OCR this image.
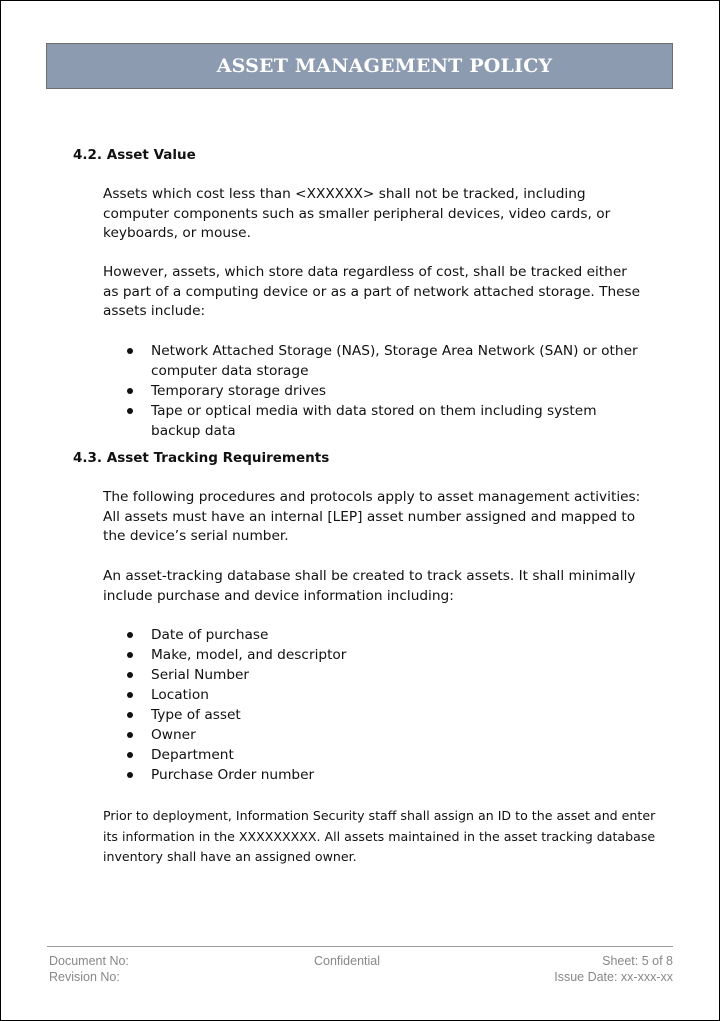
ASSET MANAGEMENT POLICY
4.2. Asset Value
Assets which cost less than <XXXXXX> shall not be tracked, including computer components such as smaller peripheral devices, video cards, or keyboards, or mouse.
However, assets, which store data regardless of cost, shall be tracked either as part of a computing device or as a part of network attached storage. These assets include:
Network Attached Storage (NAS), Storage Area Network (SAN) or other computer data storage
Temporary storage drives
Tape or optical media with data stored on them including system backup data
4.3. Asset Tracking Requirements
The following procedures and protocols apply to asset management activities: All assets must have an internal [LEP] asset number assigned and mapped to the device’s serial number.
An asset-tracking database shall be created to track assets. It shall minimally include purchase and device information including:
Date of purchase
Make, model, and descriptor
Serial Number
Location
Type of asset
Owner
Department
Purchase Order number
Prior to deployment, Information Security staff shall assign an ID to the asset and enter its information in the XXXXXXXXX. All assets maintained in the asset tracking database inventory shall have an assigned owner.
Document No:
Revision No:
Confidential	Sheet: 5 of 8
Issue Date: xx-xxx-xx
